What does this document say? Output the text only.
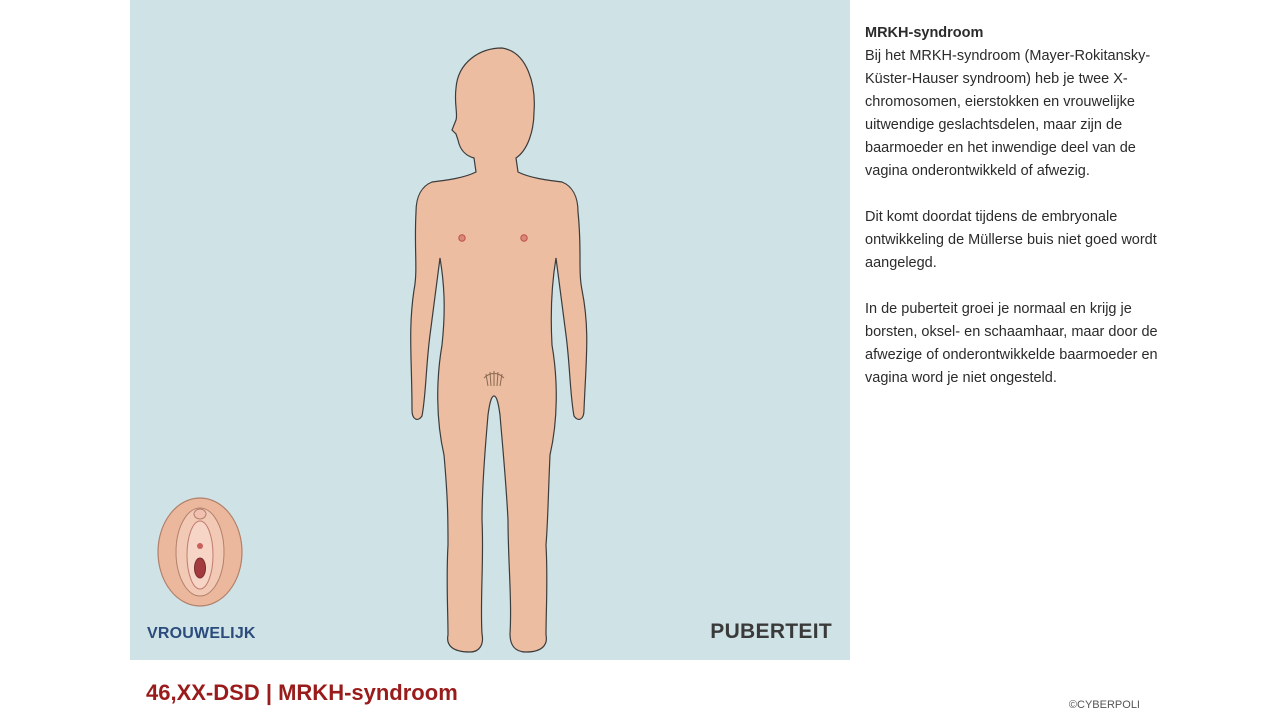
VROUWELIJK	PUBERTEIT
46,XX-DSD | MRKH-syndroom	©CYBERPOLI
MRKH-syndroom

Bij het MRKH-syndroom (Mayer-Rokitansky-Küster-Hauser syndroom) heb je twee X- chromosomen, eierstokken en vrouwelijke uitwendige geslachtsdelen, maar zijn de baarmoeder en het inwendige deel van de vagina onderontwikkeld of afwezig.

Dit komt doordat tijdens de embryonale ontwikkeling de Müllerse buis niet goed wordt aangelegd.

In de puberteit groei je normaal en krijg je borsten, oksel- en schaamhaar, maar door de afwezige of onderontwikkelde baarmoeder en vagina word je niet ongesteld.
